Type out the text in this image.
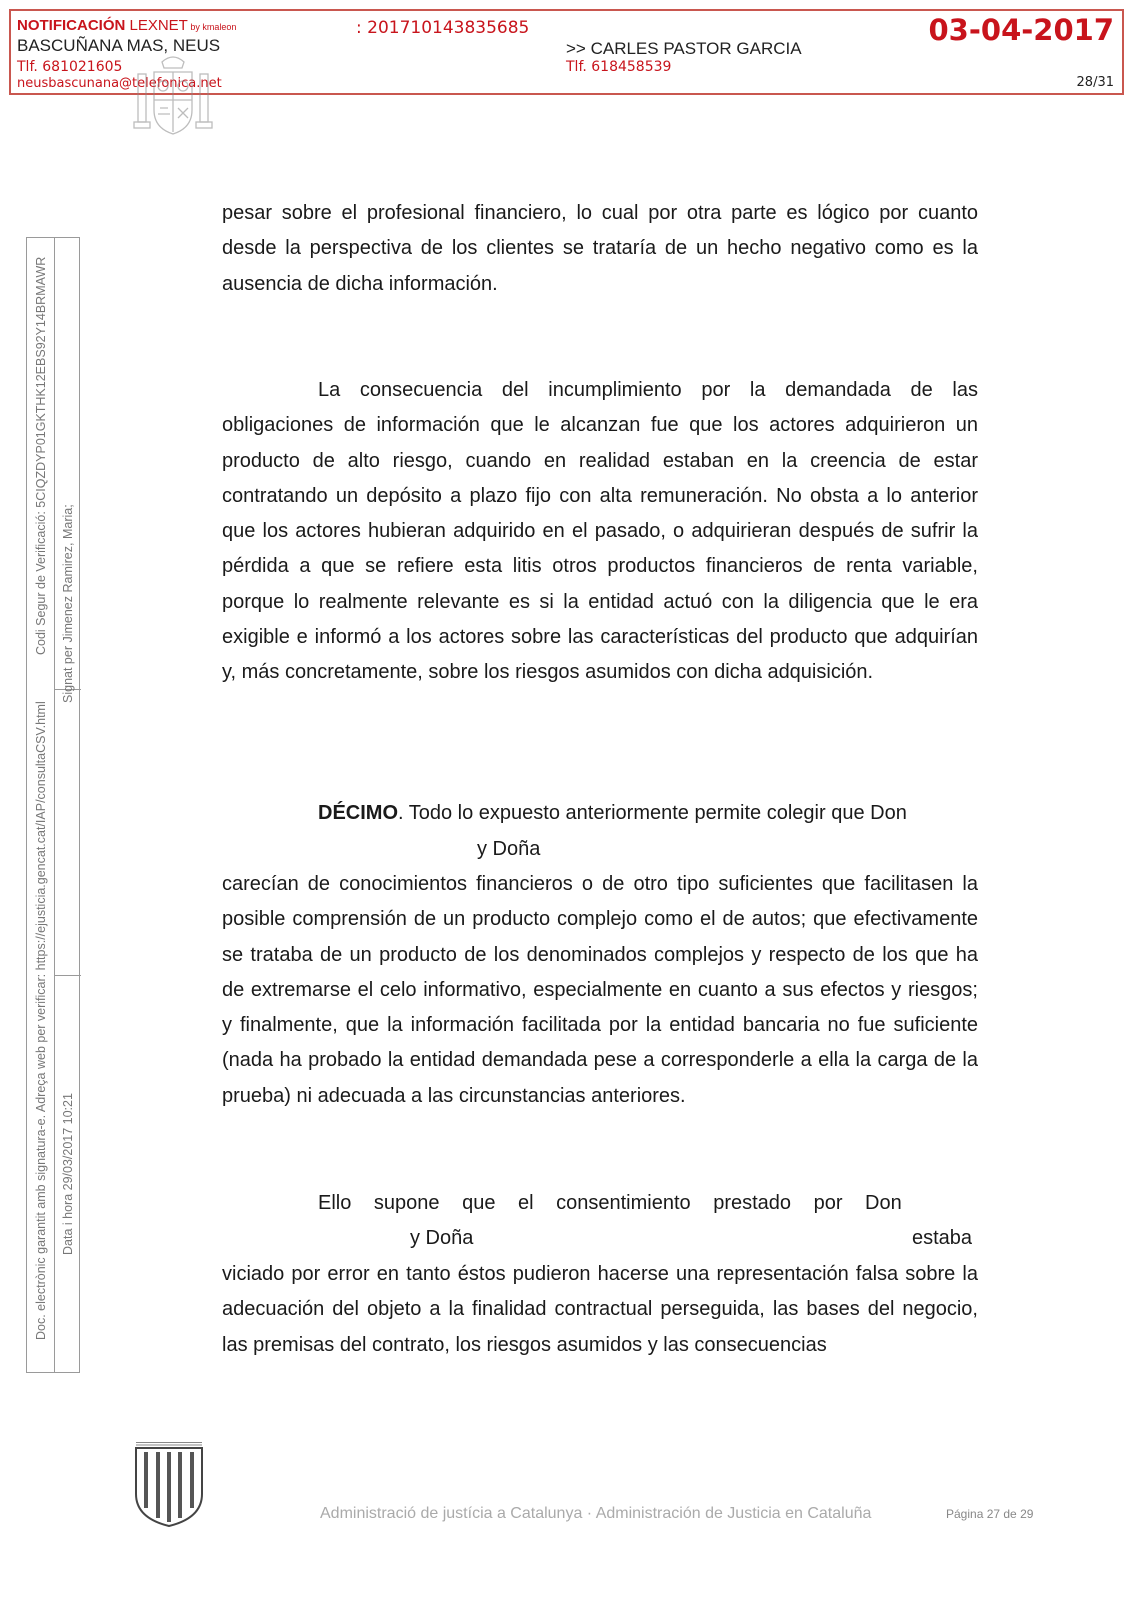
NOTIFICACIÓN LEXNET by kmaleon
BASCUÑANA MAS, NEUS
Tlf. 681021605
neusbascunana@telefonica.net
: 201710143835685
>> CARLES PASTOR GARCIA
Tlf. 618458539
03-04-2017
28/31
Codi Segur de Verificació: 5CIQZDYP01GKTHK12EBS92Y14BRMAWR
Doc. electrònic garantit amb signatura-e. Adreça web per verificar: https://ejusticia.gencat.cat/IAP/consultaCSV.html
Signat per Jimenez Ramirez, Maria;
Data i hora 29/03/2017 10:21
pesar sobre el profesional financiero, lo cual por otra parte es lógico por cuanto desde la perspectiva de los clientes se trataría de un hecho negativo como es la ausencia de dicha información.
La consecuencia del incumplimiento por la demandada de las obligaciones de información que le alcanzan fue que los actores adquirieron un producto de alto riesgo, cuando en realidad estaban en la creencia de estar contratando un depósito a plazo fijo con alta remuneración. No obsta a lo anterior que los actores hubieran adquirido en el pasado, o adquirieran después de sufrir la pérdida a que se refiere esta litis otros productos financieros de renta variable, porque lo realmente relevante es si la entidad actuó con la diligencia que le era exigible e informó a los actores sobre las características del producto que adquirían y, más concretamente, sobre los riesgos asumidos con dicha adquisición.
DÉCIMO. Todo lo expuesto anteriormente permite colegir que Don
y Doña
carecían de conocimientos financieros o de otro tipo suficientes que facilitasen la posible comprensión de un producto complejo como el de autos; que efectivamente se trataba de un producto de los denominados complejos y respecto de los que ha de extremarse el celo informativo, especialmente en cuanto a sus efectos y riesgos; y finalmente, que la información facilitada por la entidad bancaria no fue suficiente (nada ha probado la entidad demandada pese a corresponderle a ella la carga de la prueba) ni adecuada a las circunstancias anteriores.
Ello supone que el consentimiento prestado por Don
y Doña	estaba
viciado por error en tanto éstos pudieron hacerse una representación falsa sobre la adecuación del objeto a la finalidad contractual perseguida, las bases del negocio, las premisas del contrato, los riesgos asumidos y las consecuencias
Administració de justícia a Catalunya · Administración de Justicia en Cataluña	Página 27 de 29
